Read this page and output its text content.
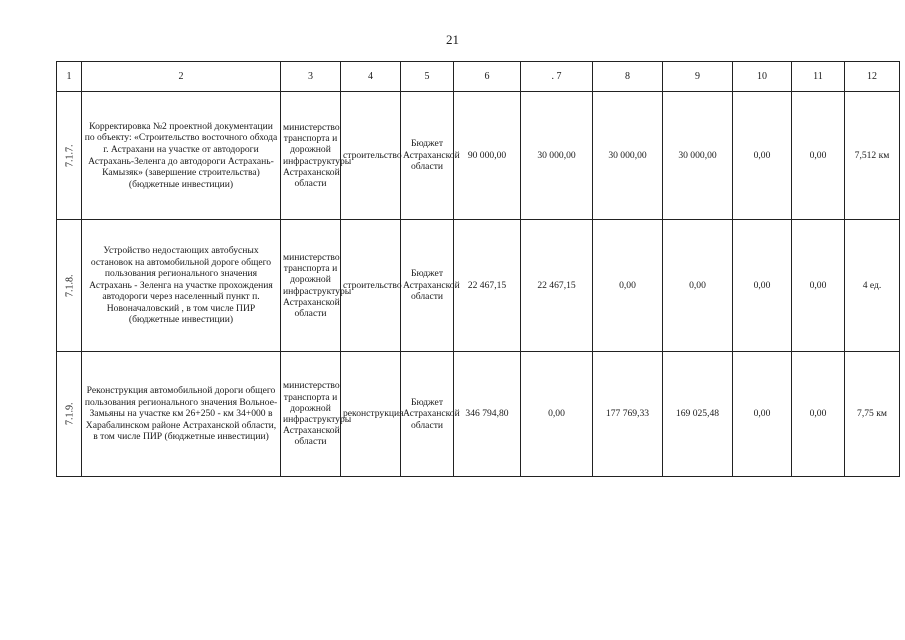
21
1	2	3	4	5	6	. 7	8	9	10	11	12
7.1.7.	Корректировка №2 проектной документации по объекту: «Строительство восточного обхода г. Астрахани на участке от автодороги Астрахань-Зеленга до автодороги Астрахань-Камызяк» (завершение строительства) (бюджетные инвестиции)	министерство транспорта и дорожной инфраструктуры Астраханской области	строительство	Бюджет Астраханской области	90 000,00	30 000,00	30 000,00	30 000,00	0,00	0,00	7,512 км
7.1.8.	Устройство недостающих автобусных остановок на автомобильной дороге общего пользования регионального значения Астрахань - Зеленга на участке прохождения автодороги через населенный пункт п. Новоначаловский , в том числе ПИР (бюджетные инвестиции)	министерство транспорта и дорожной инфраструктуры Астраханской области	строительство	Бюджет Астраханской области	22 467,15	22 467,15	0,00	0,00	0,00	0,00	4 ед.
7.1.9.	Реконструкция автомобильной дороги общего пользования регионального значения Вольное-Замьяны на участке км 26+250 - км 34+000 в Харабалинском районе Астраханской области, в том числе ПИР (бюджетные инвестиции)	министерство транспорта и дорожной инфраструктуры Астраханской области	реконструкция	Бюджет Астраханской области	346 794,80	0,00	177 769,33	169 025,48	0,00	0,00	7,75 км
